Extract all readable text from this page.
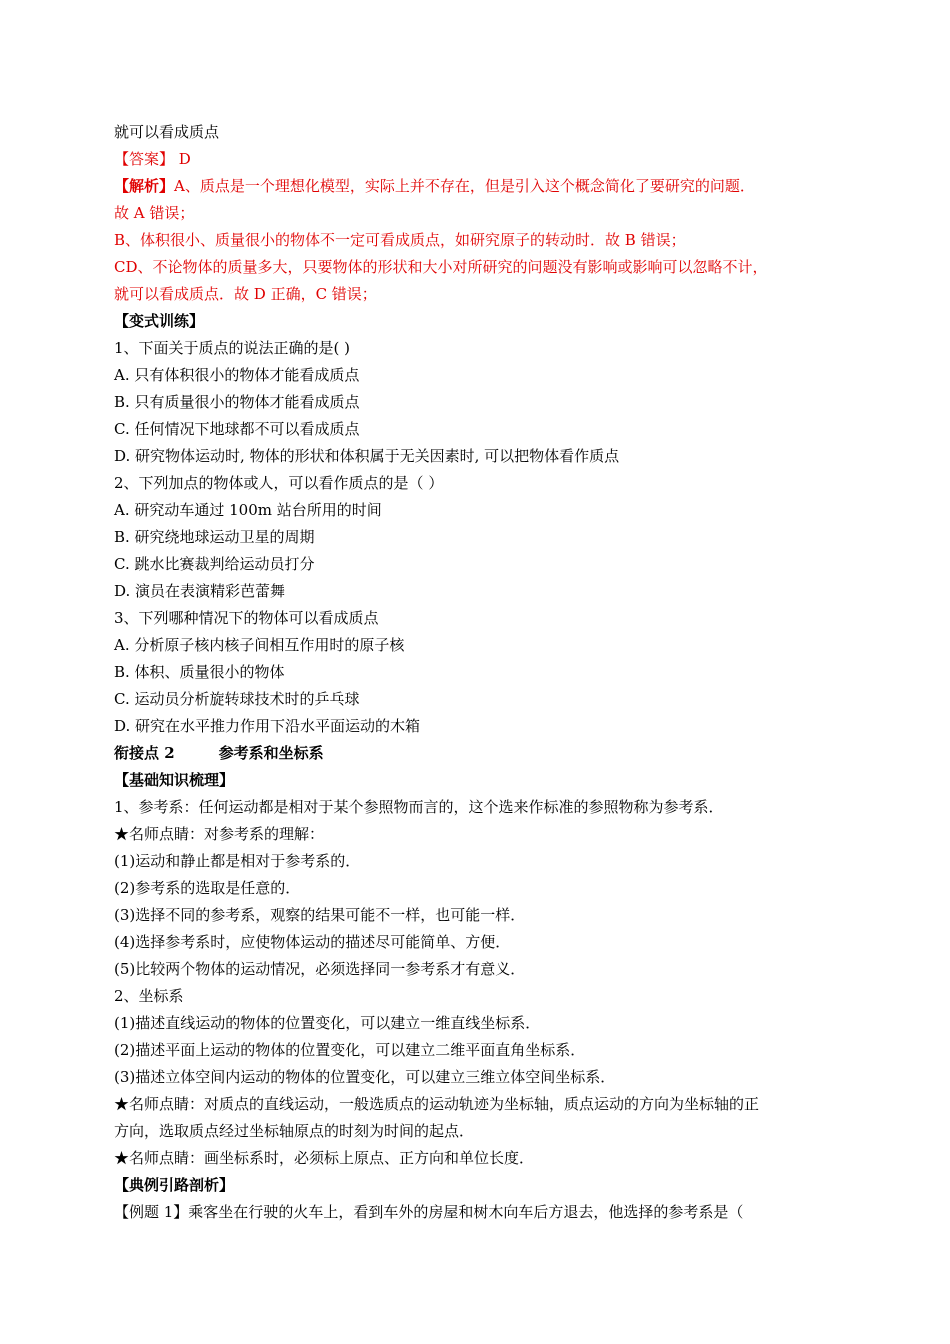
就可以看成质点
【答案】 D
【解析】A、质点是一个理想化模型，实际上并不存在，但是引入这个概念简化了要研究的问题．
故 A 错误；
B、体积很小、质量很小的物体不一定可看成质点，如研究原子的转动时．故 B 错误；
CD、不论物体的质量多大，只要物体的形状和大小对所研究的问题没有影响或影响可以忽略不计，
就可以看成质点．故 D 正确，C 错误；
【变式训练】
1、下面关于质点的说法正确的是( )
A. 只有体积很小的物体才能看成质点
B. 只有质量很小的物体才能看成质点
C. 任何情况下地球都不可以看成质点
D. 研究物体运动时, 物体的形状和体积属于无关因素时, 可以把物体看作质点
2、下列加点的物体或人，可以看作质点的是（ ）
A. 研究动车通过 100m 站台所用的时间
B. 研究绕地球运动卫星的周期
C. 跳水比赛裁判给运动员打分
D. 演员在表演精彩芭蕾舞
3、下列哪种情况下的物体可以看成质点
A. 分析原子核内核子间相互作用时的原子核
B. 体积、质量很小的物体
C. 运动员分析旋转球技术时的乒乓球
D. 研究在水平推力作用下沿水平面运动的木箱
衔接点 2	参考系和坐标系
【基础知识梳理】
1、参考系：任何运动都是相对于某个参照物而言的，这个选来作标准的参照物称为参考系．
★名师点睛：对参考系的理解：
(1)运动和静止都是相对于参考系的．
(2)参考系的选取是任意的．
(3)选择不同的参考系，观察的结果可能不一样，也可能一样．
(4)选择参考系时，应使物体运动的描述尽可能简单、方便．
(5)比较两个物体的运动情况，必须选择同一参考系才有意义．
2、坐标系
(1)描述直线运动的物体的位置变化，可以建立一维直线坐标系．
(2)描述平面上运动的物体的位置变化，可以建立二维平面直角坐标系．
(3)描述立体空间内运动的物体的位置变化，可以建立三维立体空间坐标系．
★名师点睛：对质点的直线运动，一般选质点的运动轨迹为坐标轴，质点运动的方向为坐标轴的正
方向，选取质点经过坐标轴原点的时刻为时间的起点．
★名师点睛：画坐标系时，必须标上原点、正方向和单位长度．
【典例引路剖析】
【例题 1】乘客坐在行驶的火车上，看到车外的房屋和树木向车后方退去，他选择的参考系是（
